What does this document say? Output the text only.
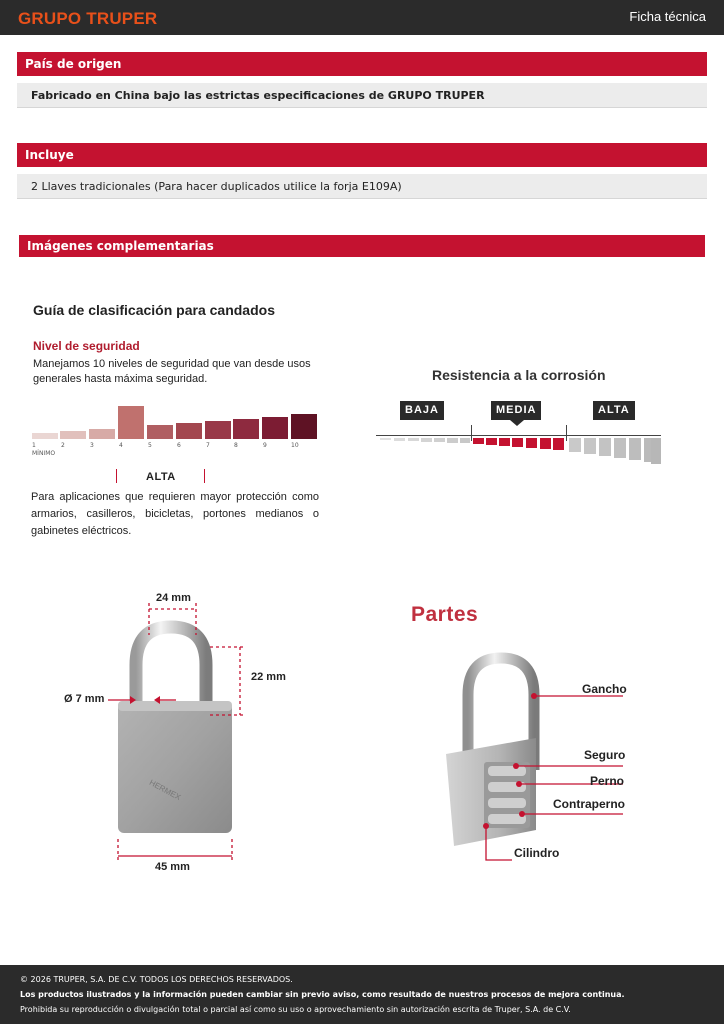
GRUPO TRUPER	Ficha técnica
País de origen
Fabricado en China bajo las estrictas especificaciones de GRUPO TRUPER
Incluye
2 Llaves tradicionales (Para hacer duplicados utilice la forja E109A)
Imágenes complementarias
Guía de clasificación para candados
Nivel de seguridad
Manejamos 10 niveles de seguridad que van desde usos generales hasta máxima seguridad.
1	2	3	4	5	6	7	8	9	10
MÍNIMO
ALTA
Para aplicaciones que requieren mayor protección como armarios, casilleros, bicicletas, portones medianos o gabinetes eléctricos.
Resistencia a la corrosión
BAJA	MEDIA	ALTA
24 mm
Ø 7 mm
22 mm
45 mm
HERMEX
Partes
Gancho
Seguro
Perno
Contraperno
Cilindro
© 2026 TRUPER, S.A. DE C.V. TODOS LOS DERECHOS RESERVADOS.
Los productos ilustrados y la información pueden cambiar sin previo aviso, como resultado de nuestros procesos de mejora continua.
Prohibida su reproducción o divulgación total o parcial así como su uso o aprovechamiento sin autorización escrita de Truper, S.A. de C.V.
